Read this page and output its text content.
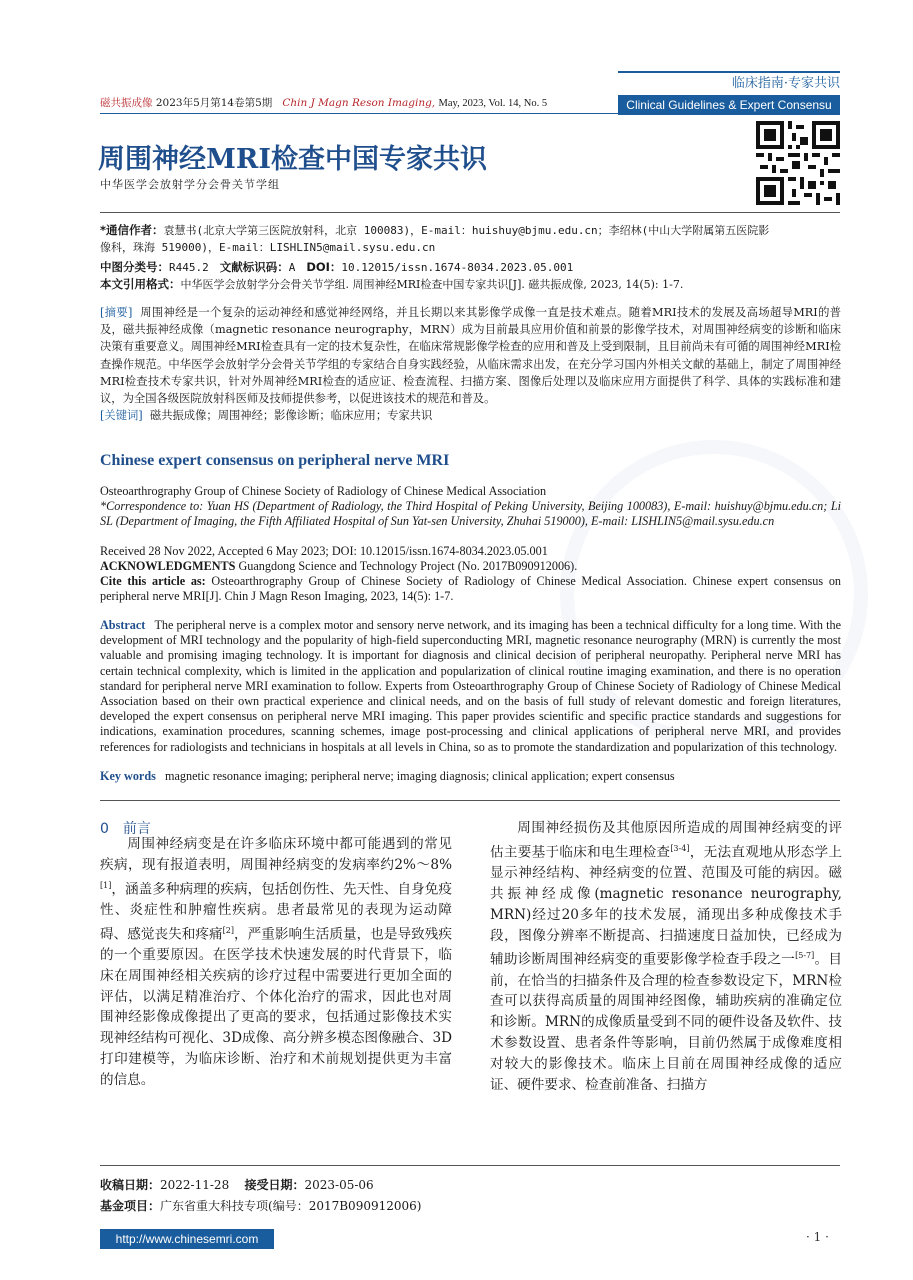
磁共振成像 2023年5月第14卷第5期 Chin J Magn Reson Imaging, May, 2023, Vol. 14, No. 5
临床指南·专家共识
Clinical Guidelines & Expert Consensu
周围神经MRI检查中国专家共识
中华医学会放射学分会骨关节学组
*通信作者：袁慧书(北京大学第三医院放射科，北京 100083)，E-mail：huishuy@bjmu.edu.cn；李绍林(中山大学附属第五医院影
像科，珠海 519000)，E-mail：LISHLIN5@mail.sysu.edu.cn
中图分类号：R445.2 文献标识码：A DOI：10.12015/issn.1674-8034.2023.05.001
本文引用格式：中华医学会放射学分会骨关节学组. 周围神经MRI检查中国专家共识[J]. 磁共振成像, 2023, 14(5): 1-7.
[摘要] 周围神经是一个复杂的运动神经和感觉神经网络，并且长期以来其影像学成像一直是技术难点。随着MRI技术的发展及高场超导MRI的普及，磁共振神经成像（magnetic resonance neurography，MRN）成为目前最具应用价值和前景的影像学技术，对周围神经病变的诊断和临床决策有重要意义。周围神经MRI检查具有一定的技术复杂性，在临床常规影像学检查的应用和普及上受到限制，且目前尚未有可循的周围神经MRI检查操作规范。中华医学会放射学分会骨关节学组的专家结合自身实践经验，从临床需求出发，在充分学习国内外相关文献的基础上，制定了周围神经MRI检查技术专家共识，针对外周神经MRI检查的适应证、检查流程、扫描方案、图像后处理以及临床应用方面提供了科学、具体的实践标准和建议，为全国各级医院放射科医师及技师提供参考，以促进该技术的规范和普及。
[关键词] 磁共振成像；周围神经；影像诊断；临床应用；专家共识
Chinese expert consensus on peripheral nerve MRI
Osteoarthrography Group of Chinese Society of Radiology of Chinese Medical Association
*Correspondence to: Yuan HS (Department of Radiology, the Third Hospital of Peking University, Beijing 100083), E-mail: huishuy@bjmu.edu.cn; Li SL (Department of Imaging, the Fifth Affiliated Hospital of Sun Yat-sen University, Zhuhai 519000), E-mail: LISHLIN5@mail.sysu.edu.cn
Received 28 Nov 2022, Accepted 6 May 2023; DOI: 10.12015/issn.1674-8034.2023.05.001
ACKNOWLEDGMENTS Guangdong Science and Technology Project (No. 2017B090912006).
Cite this article as: Osteoarthrography Group of Chinese Society of Radiology of Chinese Medical Association. Chinese expert consensus on peripheral nerve MRI[J]. Chin J Magn Reson Imaging, 2023, 14(5): 1-7.
Abstract The peripheral nerve is a complex motor and sensory nerve network, and its imaging has been a technical difficulty for a long time. With the development of MRI technology and the popularity of high-field superconducting MRI, magnetic resonance neurography (MRN) is currently the most valuable and promising imaging technology. It is important for diagnosis and clinical decision of peripheral neuropathy. Peripheral nerve MRI has certain technical complexity, which is limited in the application and popularization of clinical routine imaging examination, and there is no operation standard for peripheral nerve MRI examination to follow. Experts from Osteoarthrography Group of Chinese Society of Radiology of Chinese Medical Association based on their own practical experience and clinical needs, and on the basis of full study of relevant domestic and foreign literatures, developed the expert consensus on peripheral nerve MRI imaging. This paper provides scientific and specific practice standards and suggestions for indications, examination procedures, scanning schemes, image post-processing and clinical applications of peripheral nerve MRI, and provides references for radiologists and technicians in hospitals at all levels in China, so as to promote the standardization and popularization of this technology.
Key words magnetic resonance imaging; peripheral nerve; imaging diagnosis; clinical application; expert consensus
0　前言
周围神经病变是在许多临床环境中都可能遇到的常见疾病，现有报道表明，周围神经病变的发病率约2%～8%[1]，涵盖多种病理的疾病，包括创伤性、先天性、自身免疫性、炎症性和肿瘤性疾病。患者最常见的表现为运动障碍、感觉丧失和疼痛[2]，严重影响生活质量，也是导致残疾的一个重要原因。在医学技术快速发展的时代背景下，临床在周围神经相关疾病的诊疗过程中需要进行更加全面的评估，以满足精准治疗、个体化治疗的需求，因此也对周围神经影像成像提出了更高的要求，包括通过影像技术实现神经结构可视化、3D成像、高分辨多模态图像融合、3D打印建模等，为临床诊断、治疗和术前规划提供更为丰富的信息。
周围神经损伤及其他原因所造成的周围神经病变的评估主要基于临床和电生理检查[3-4]，无法直观地从形态学上显示神经结构、神经病变的位置、范围及可能的病因。磁共振神经成像(magnetic resonance neurography, MRN)经过20多年的技术发展，涌现出多种成像技术手段，图像分辨率不断提高、扫描速度日益加快，已经成为辅助诊断周围神经病变的重要影像学检查手段之一[5-7]。目前，在恰当的扫描条件及合理的检查参数设定下，MRN检查可以获得高质量的周围神经图像，辅助疾病的准确定位和诊断。MRN的成像质量受到不同的硬件设备及软件、技术参数设置、患者条件等影响，目前仍然属于成像难度相对较大的影像技术。临床上目前在周围神经成像的适应证、硬件要求、检查前准备、扫描方
收稿日期：2022-11-28 接受日期：2023-05-06
基金项目：广东省重大科技专项(编号：2017B090912006)
http://www.chinesemri.com	· 1 ·
